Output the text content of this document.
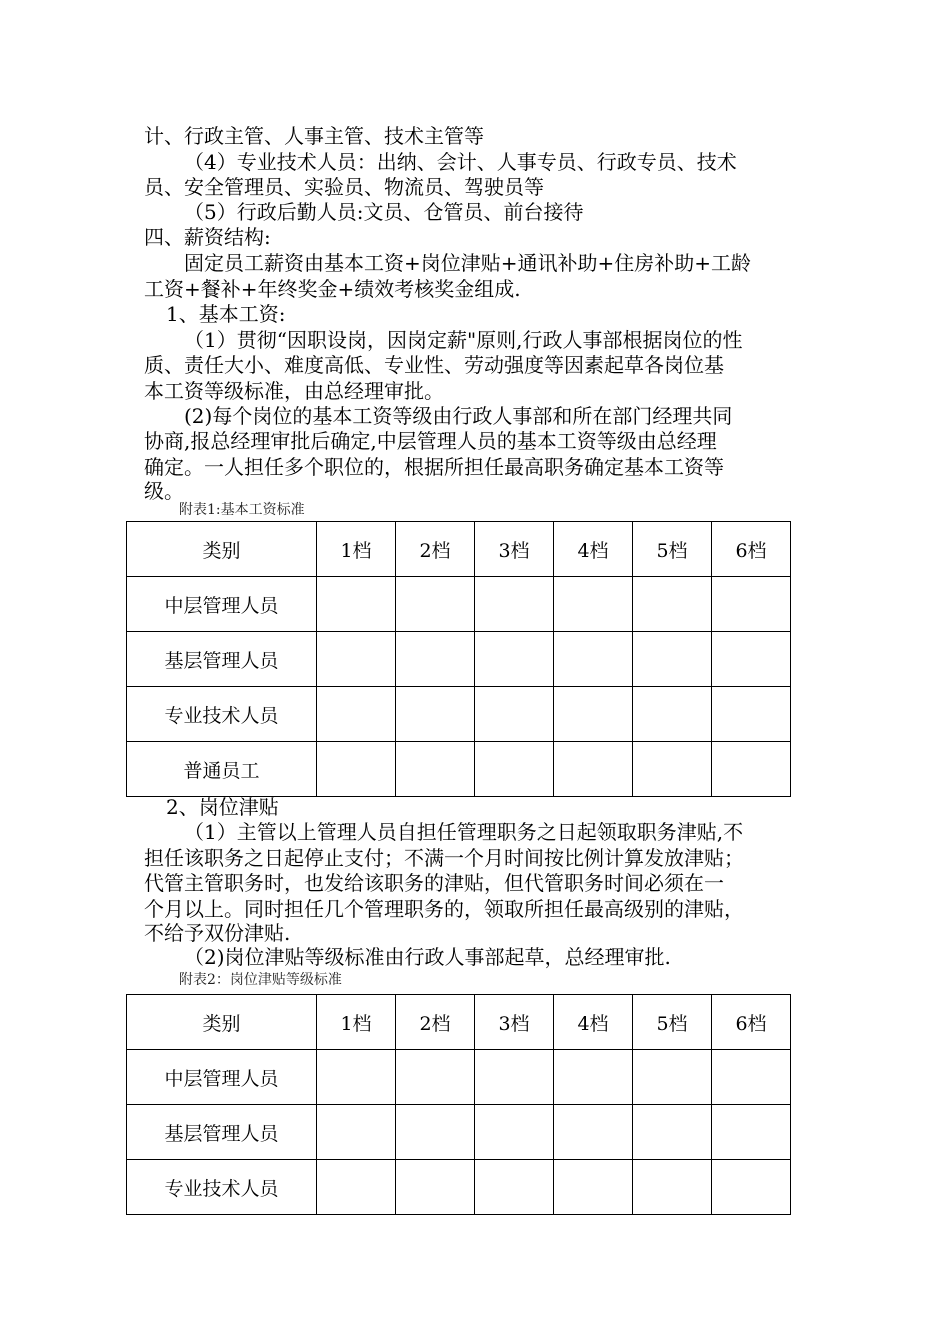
计、行政主管、人事主管、技术主管等
（4）专业技术人员：出纳、会计、人事专员、行政专员、技术
员、安全管理员、实验员、物流员、驾驶员等
（5）行政后勤人员:文员、仓管员、前台接待
四、薪资结构:
固定员工薪资由基本工资+岗位津贴+通讯补助+住房补助+工龄
工资+餐补+年终奖金+绩效考核奖金组成.
1、基本工资:
（1）贯彻“因职设岗，因岗定薪"原则,行政人事部根据岗位的性
质、责任大小、难度高低、专业性、劳动强度等因素起草各岗位基
本工资等级标准，由总经理审批。
(2)每个岗位的基本工资等级由行政人事部和所在部门经理共同
协商,报总经理审批后确定,中层管理人员的基本工资等级由总经理
确定。一人担任多个职位的，根据所担任最高职务确定基本工资等
级。
附表1:基本工资标准
类别	1档	2档	3档	4档	5档	6档
中层管理人员						
基层管理人员						
专业技术人员						
普通员工						
2、岗位津贴
（1）主管以上管理人员自担任管理职务之日起领取职务津贴,不
担任该职务之日起停止支付；不满一个月时间按比例计算发放津贴；
代管主管职务时，也发给该职务的津贴，但代管职务时间必须在一
个月以上。同时担任几个管理职务的，领取所担任最高级别的津贴，
不给予双份津贴.
（2)岗位津贴等级标准由行政人事部起草，总经理审批.
附表2：岗位津贴等级标准
类别	1档	2档	3档	4档	5档	6档
中层管理人员						
基层管理人员						
专业技术人员						
